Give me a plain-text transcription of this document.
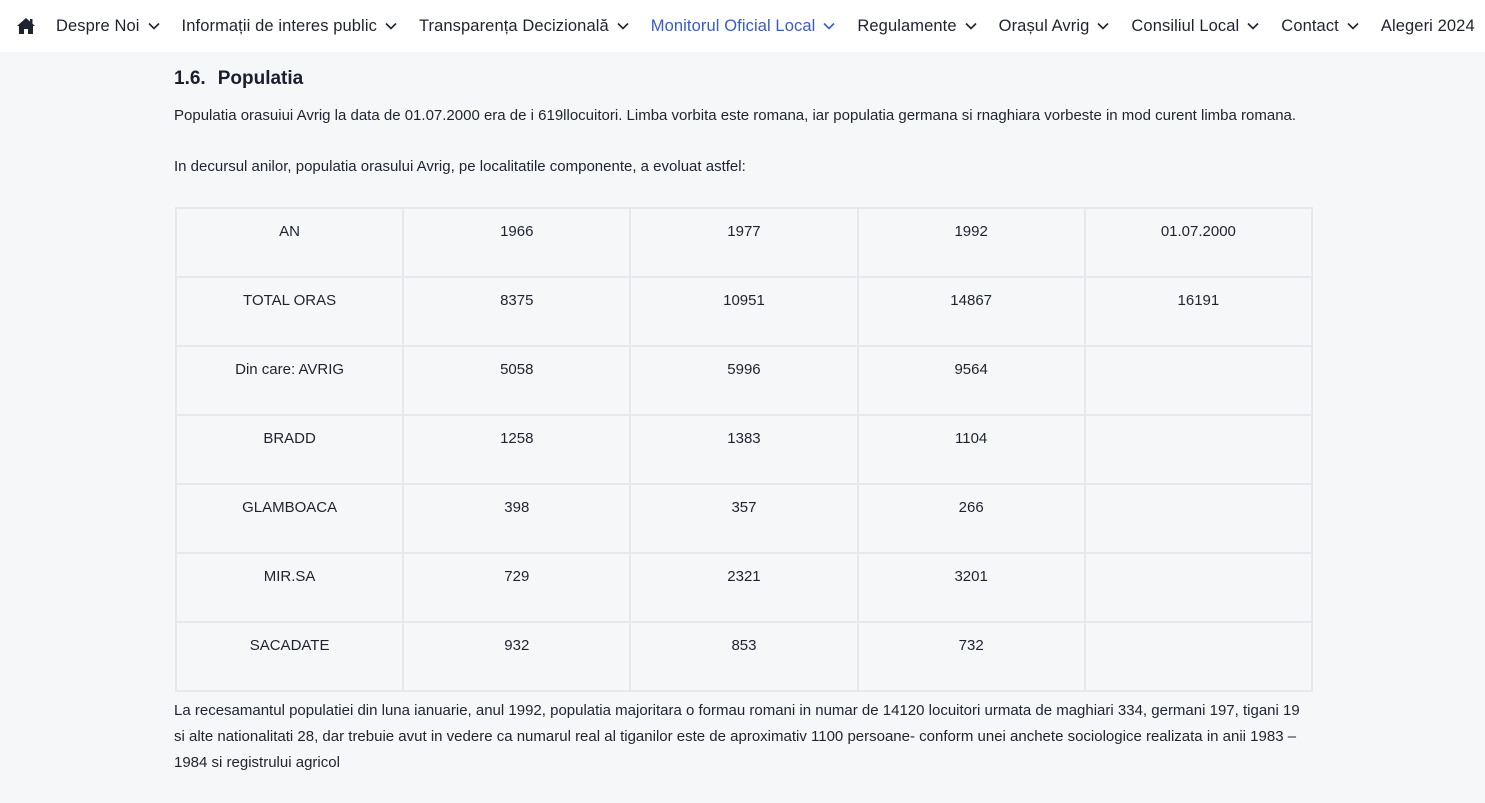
Despre Noi	Informații de interes public	Transparența Decizională	Monitorul Oficial Local	Regulamente	Orașul Avrig	Consiliul Local	Contact	Alegeri 2024
1.6. Populatia

Populatia orasuiui Avrig la data de 01.07.2000 era de i 619llocuitori. Limba vorbita este romana, iar populatia germana si rnaghiara vorbeste in mod curent limba romana.

In decursul anilor, populatia orasului Avrig, pe localitatile componente, a evoluat astfel:

AN	1966	1977	1992	01.07.2000
TOTAL ORAS	8375	10951	14867	16191
Din care: AVRIG	5058	5996	9564	
BRADD	1258	1383	1104	
GLAMBOACA	398	357	266	
MIR.SA	729	2321	3201	
SACADATE	932	853	732	

La recesamantul populatiei din luna ianuarie, anul 1992, populatia majoritara o formau romani in numar de 14120 locuitori urmata de maghiari 334, germani 197, tigani 19 si alte nationalitati 28, dar trebuie avut in vedere ca numarul real al tiganilor este de aproximativ 1100 persoane- conform unei anchete sociologice realizata in anii 1983 – 1984 si registrului agricol
